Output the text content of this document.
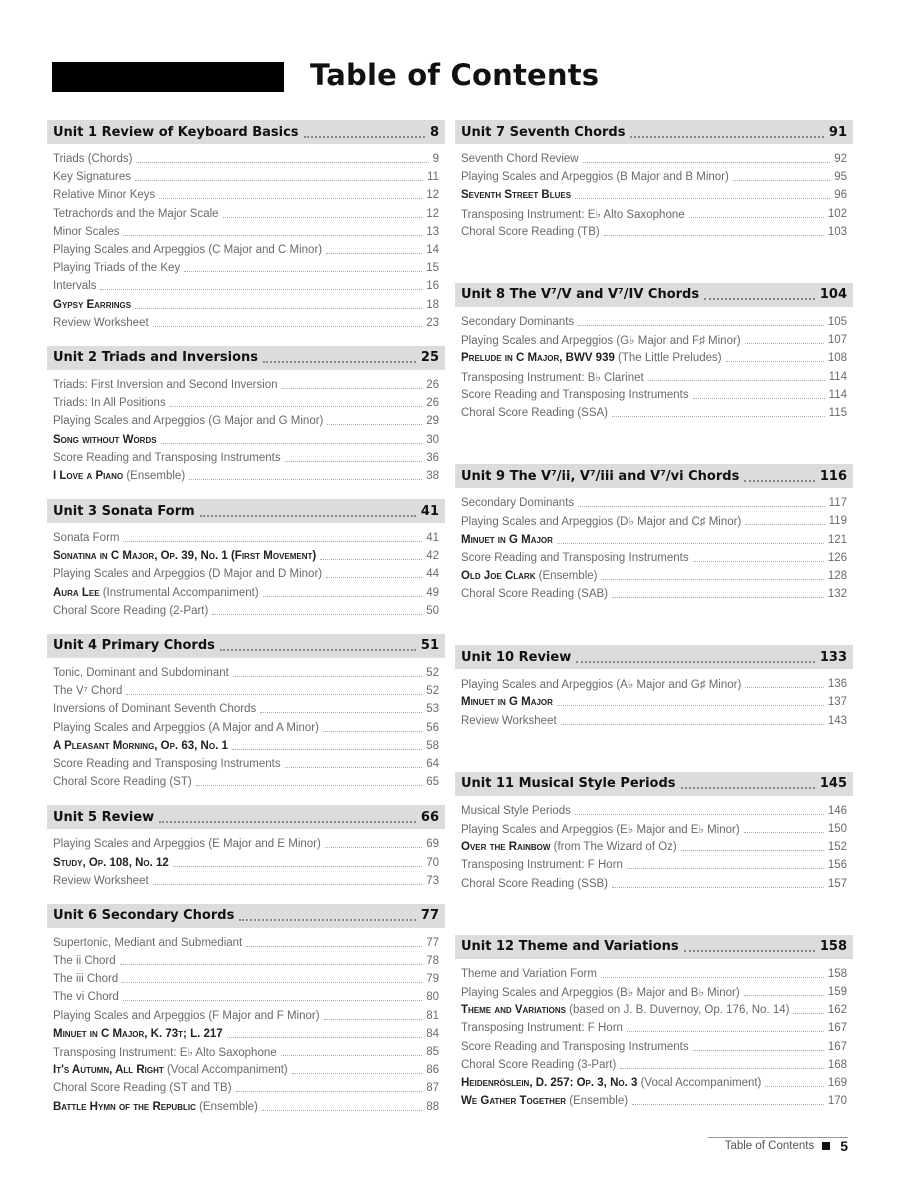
Table of Contents
Unit 1 Review of Keyboard Basics	8
Triads (Chords)	9
Key Signatures	11
Relative Minor Keys	12
Tetrachords and the Major Scale	12
Minor Scales	13
Playing Scales and Arpeggios (C Major and C Minor)	14
Playing Triads of the Key	15
Intervals	16
Gypsy Earrings	18
Review Worksheet	23
Unit 2 Triads and Inversions	25
Triads: First Inversion and Second Inversion	26
Triads: In All Positions	26
Playing Scales and Arpeggios (G Major and G Minor)	29
Song without Words	30
Score Reading and Transposing Instruments	36
I Love a Piano (Ensemble)	38
Unit 3 Sonata Form	41
Sonata Form	41
Sonatina in C Major, Op. 39, No. 1 (First Movement)	42
Playing Scales and Arpeggios (D Major and D Minor)	44
Aura Lee (Instrumental Accompaniment)	49
Choral Score Reading (2-Part)	50
Unit 4 Primary Chords	51
Tonic, Dominant and Subdominant	52
The V⁷ Chord	52
Inversions of Dominant Seventh Chords	53
Playing Scales and Arpeggios (A Major and A Minor)	56
A Pleasant Morning, Op. 63, No. 1	58
Score Reading and Transposing Instruments	64
Choral Score Reading (ST)	65
Unit 5 Review	66
Playing Scales and Arpeggios (E Major and E Minor)	69
Study, Op. 108, No. 12	70
Review Worksheet	73
Unit 6 Secondary Chords	77
Supertonic, Mediant and Submediant	77
The ii Chord	78
The iii Chord	79
The vi Chord	80
Playing Scales and Arpeggios (F Major and F Minor)	81
Minuet in C Major, K. 73t; L. 217	84
Transposing Instrument: E♭ Alto Saxophone	85
It's Autumn, All Right (Vocal Accompaniment)	86
Choral Score Reading (ST and TB)	87
Battle Hymn of the Republic (Ensemble)	88
Unit 7 Seventh Chords	91
Seventh Chord Review	92
Playing Scales and Arpeggios (B Major and B Minor)	95
Seventh Street Blues	96
Transposing Instrument: E♭ Alto Saxophone	102
Choral Score Reading (TB)	103
Unit 8 The V⁷/V and V⁷/IV Chords	104
Secondary Dominants	105
Playing Scales and Arpeggios (G♭ Major and F♯ Minor)	107
Prelude in C Major, BWV 939 (The Little Preludes)	108
Transposing Instrument: B♭ Clarinet	114
Score Reading and Transposing Instruments	114
Choral Score Reading (SSA)	115
Unit 9 The V⁷/ii, V⁷/iii and V⁷/vi Chords	116
Secondary Dominants	117
Playing Scales and Arpeggios (D♭ Major and C♯ Minor)	119
Minuet in G Major	121
Score Reading and Transposing Instruments	126
Old Joe Clark (Ensemble)	128
Choral Score Reading (SAB)	132
Unit 10 Review	133
Playing Scales and Arpeggios (A♭ Major and G♯ Minor)	136
Minuet in G Major	137
Review Worksheet	143
Unit 11 Musical Style Periods	145
Musical Style Periods	146
Playing Scales and Arpeggios (E♭ Major and E♭ Minor)	150
Over the Rainbow (from The Wizard of Oz)	152
Transposing Instrument: F Horn	156
Choral Score Reading (SSB)	157
Unit 12 Theme and Variations	158
Theme and Variation Form	158
Playing Scales and Arpeggios (B♭ Major and B♭ Minor)	159
Theme and Variations (based on J. B. Duvernoy, Op. 176, No. 14)	162
Transposing Instrument: F Horn	167
Score Reading and Transposing Instruments	167
Choral Score Reading (3-Part)	168
Heidenröslein, D. 257: Op. 3, No. 3 (Vocal Accompaniment)	169
We Gather Together (Ensemble)	170
Table of Contents 5
